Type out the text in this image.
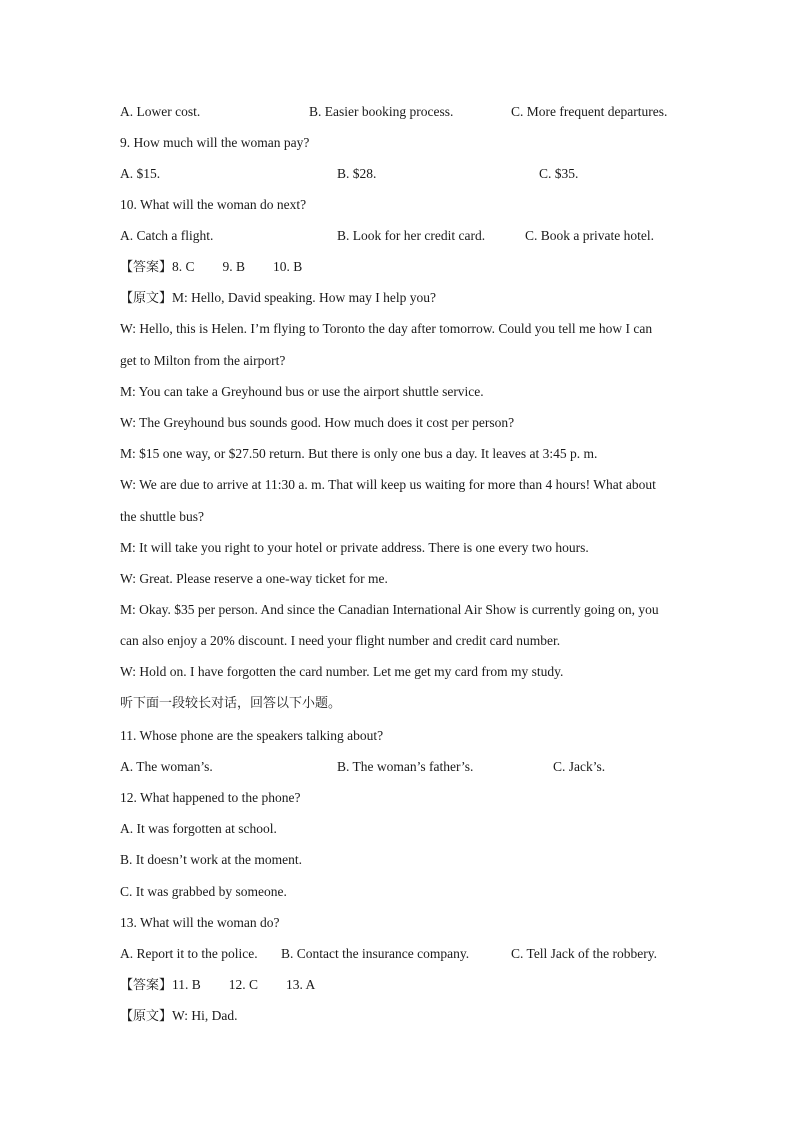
A. Lower cost.	B. Easier booking process.	C. More frequent departures.
9. How much will the woman pay?
A. $15.	B. $28.	C. $35.
10. What will the woman do next?
A. Catch a flight.	B. Look for her credit card.	C. Book a private hotel.
【答案】8. C 9. B 10. B
【原文】M: Hello, David speaking. How may I help you?
W: Hello, this is Helen. I’m flying to Toronto the day after tomorrow. Could you tell me how I can
get to Milton from the airport?
M: You can take a Greyhound bus or use the airport shuttle service.
W: The Greyhound bus sounds good. How much does it cost per person?
M: $15 one way, or $27.50 return. But there is only one bus a day. It leaves at 3:45 p. m.
W: We are due to arrive at 11:30 a. m. That will keep us waiting for more than 4 hours! What about
the shuttle bus?
M: It will take you right to your hotel or private address. There is one every two hours.
W: Great. Please reserve a one-way ticket for me.
M: Okay. $35 per person. And since the Canadian International Air Show is currently going on, you
can also enjoy a 20% discount. I need your flight number and credit card number.
W: Hold on. I have forgotten the card number. Let me get my card from my study.
听下面一段较长对话，回答以下小题。
11. Whose phone are the speakers talking about?
A. The woman’s.	B. The woman’s father’s.	C. Jack’s.
12. What happened to the phone?
A. It was forgotten at school.
B. It doesn’t work at the moment.
C. It was grabbed by someone.
13. What will the woman do?
A. Report it to the police. B. Contact the insurance company.	C. Tell Jack of the robbery.
【答案】11. B 12. C 13. A
【原文】W: Hi, Dad.
